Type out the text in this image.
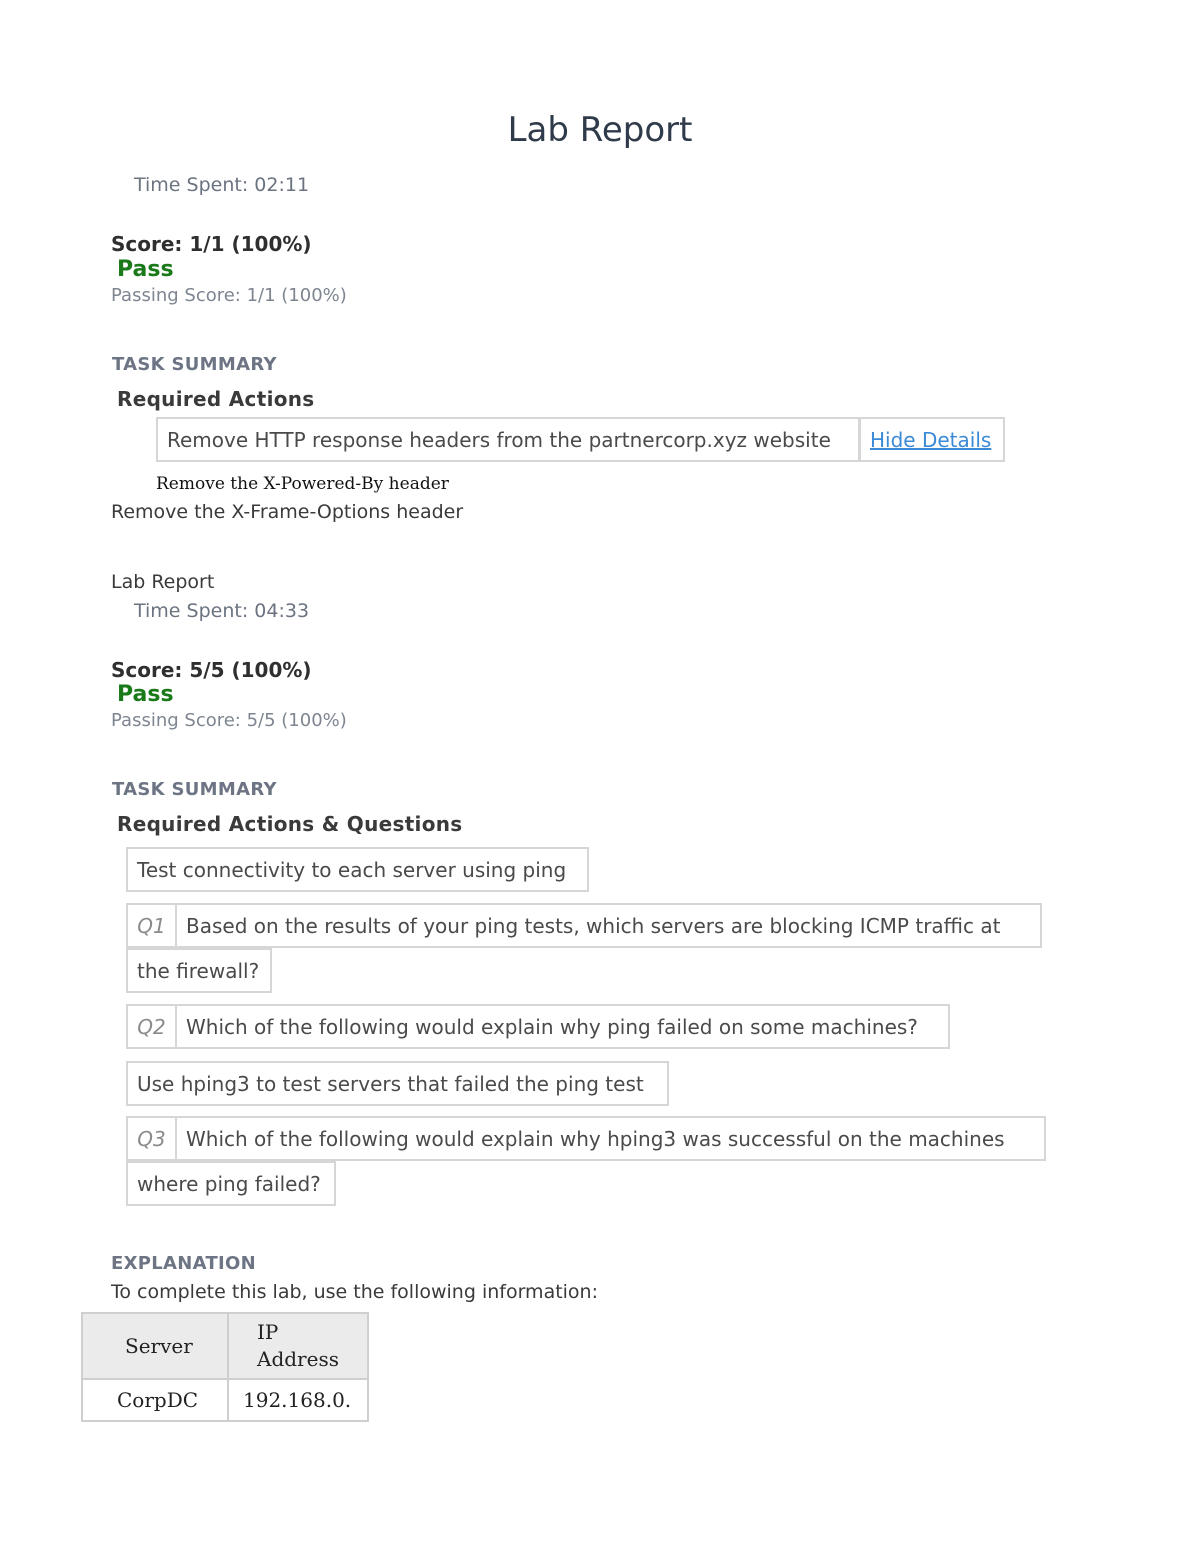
Lab Report
Time Spent: 02:11
Score: 1/1 (100%)
Pass
Passing Score: 1/1 (100%)
TASK SUMMARY
Required Actions
Remove HTTP response headers from the partnercorp.xyz website Hide Details
Remove the X-Powered-By header
Remove the X-Frame-Options header
Lab Report
Time Spent: 04:33
Score: 5/5 (100%)
Pass
Passing Score: 5/5 (100%)
TASK SUMMARY
Required Actions & Questions
Test connectivity to each server using ping
Q1	Based on the results of your ping tests, which servers are blocking ICMP traffic at
the firewall?
Q2	Which of the following would explain why ping failed on some machines?
Use hping3 to test servers that failed the ping test
Q3	Which of the following would explain why hping3 was successful on the machines
where ping failed?
EXPLANATION
To complete this lab, use the following information:
Server	IP Address
CorpDC	192.168.0.
